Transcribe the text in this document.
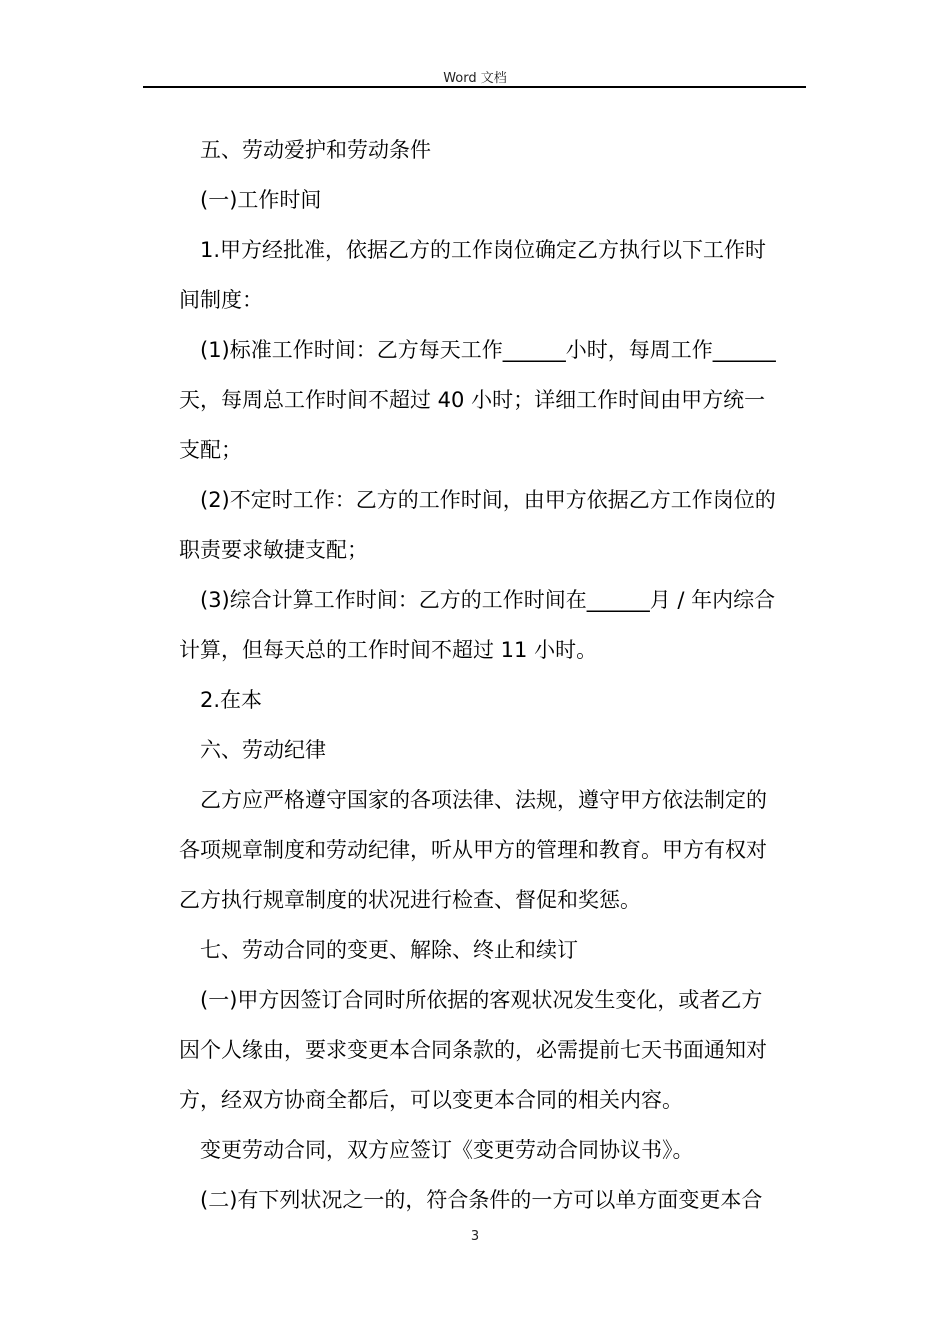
Word 文档
五、劳动爱护和劳动条件
(一)工作时间
1.甲方经批准，依据乙方的工作岗位确定乙方执行以下工作时
间制度：
(1)标准工作时间：乙方每天工作______小时，每周工作______
天，每周总工作时间不超过 40 小时；详细工作时间由甲方统一
支配；
(2)不定时工作：乙方的工作时间，由甲方依据乙方工作岗位的
职责要求敏捷支配；
(3)综合计算工作时间：乙方的工作时间在______月 / 年内综合
计算，但每天总的工作时间不超过 11 小时。
2.在本
六、劳动纪律
乙方应严格遵守国家的各项法律、法规，遵守甲方依法制定的
各项规章制度和劳动纪律，听从甲方的管理和教育。甲方有权对
乙方执行规章制度的状况进行检查、督促和奖惩。
七、劳动合同的变更、解除、终止和续订
(一)甲方因签订合同时所依据的客观状况发生变化，或者乙方
因个人缘由，要求变更本合同条款的，必需提前七天书面通知对
方，经双方协商全都后，可以变更本合同的相关内容。
变更劳动合同，双方应签订《变更劳动合同协议书》。
(二)有下列状况之一的，符合条件的一方可以单方面变更本合
3
